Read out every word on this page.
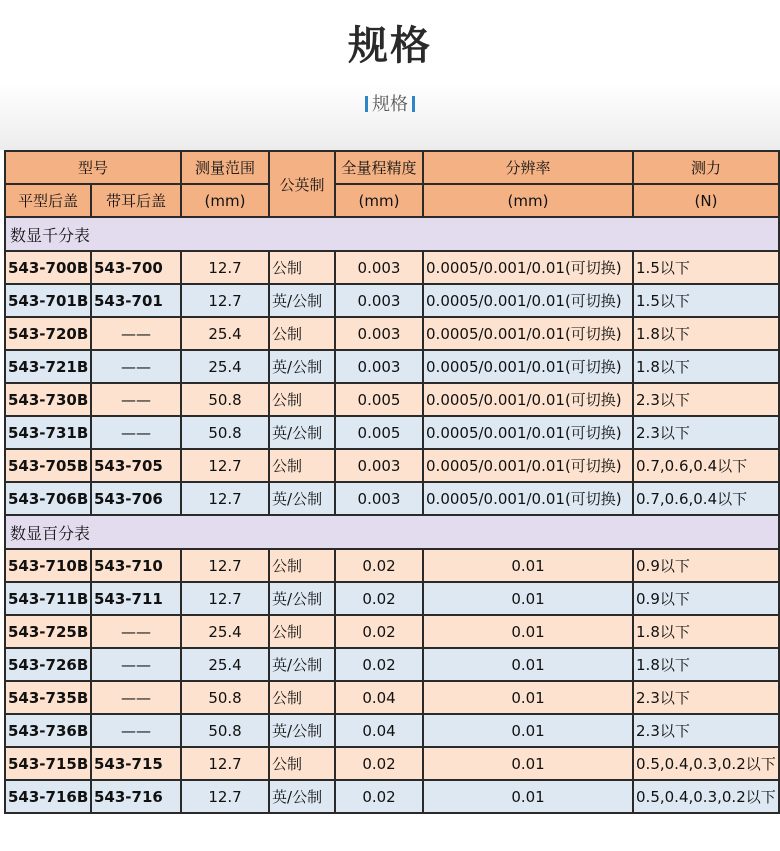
规格
规格
型号		测量范围	公英制	全量程精度	分辨率	测力
平型后盖	带耳后盖	(mm)		(mm)	(mm)	(N)
数显千分表						
543-700B	543-700	12.7	公制	0.003	0.0005/0.001/0.01(可切换)	1.5以下
543-701B	543-701	12.7	英/公制	0.003	0.0005/0.001/0.01(可切换)	1.5以下
543-720B	——	25.4	公制	0.003	0.0005/0.001/0.01(可切换)	1.8以下
543-721B	——	25.4	英/公制	0.003	0.0005/0.001/0.01(可切换)	1.8以下
543-730B	——	50.8	公制	0.005	0.0005/0.001/0.01(可切换)	2.3以下
543-731B	——	50.8	英/公制	0.005	0.0005/0.001/0.01(可切换)	2.3以下
543-705B	543-705	12.7	公制	0.003	0.0005/0.001/0.01(可切换)	0.7,0.6,0.4以下
543-706B	543-706	12.7	英/公制	0.003	0.0005/0.001/0.01(可切换)	0.7,0.6,0.4以下
数显百分表						
543-710B	543-710	12.7	公制	0.02	0.01	0.9以下
543-711B	543-711	12.7	英/公制	0.02	0.01	0.9以下
543-725B	——	25.4	公制	0.02	0.01	1.8以下
543-726B	——	25.4	英/公制	0.02	0.01	1.8以下
543-735B	——	50.8	公制	0.04	0.01	2.3以下
543-736B	——	50.8	英/公制	0.04	0.01	2.3以下
543-715B	543-715	12.7	公制	0.02	0.01	0.5,0.4,0.3,0.2以下
543-716B	543-716	12.7	英/公制	0.02	0.01	0.5,0.4,0.3,0.2以下
